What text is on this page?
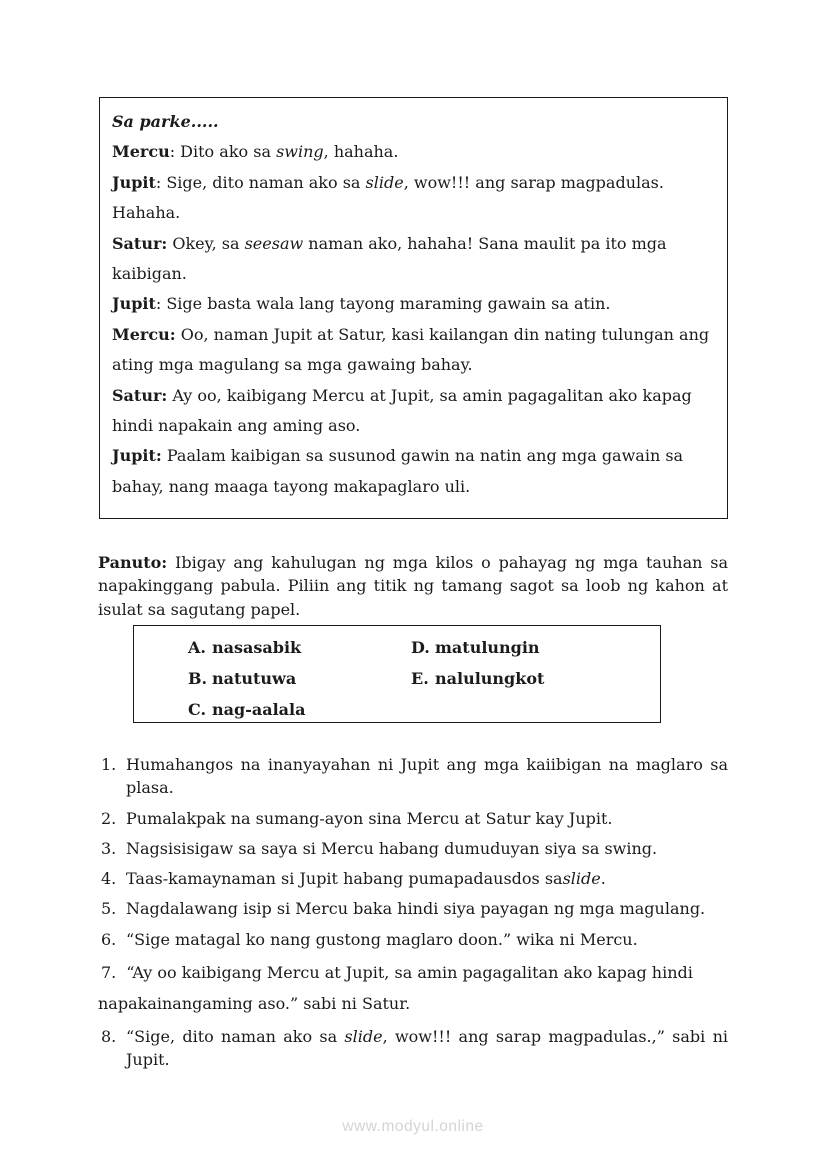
Sa parke.....

Mercu: Dito ako sa swing, hahaha.

Jupit: Sige, dito naman ako sa slide, wow!!! ang sarap magpadulas. Hahaha.

Satur: Okey, sa seesaw naman ako, hahaha! Sana maulit pa ito mga kaibigan.

Jupit: Sige basta wala lang tayong maraming gawain sa atin.

Mercu: Oo, naman Jupit at Satur, kasi kailangan din nating tulungan ang ating mga magulang sa mga gawaing bahay.

Satur: Ay oo, kaibigang Mercu at Jupit, sa amin pagagalitan ako kapag hindi napakain ang aming aso.

Jupit: Paalam kaibigan sa susunod gawin na natin ang mga gawain sa bahay, nang maaga tayong makapaglaro uli.

Panuto: Ibigay ang kahulugan ng mga kilos o pahayag ng mga tauhan sa napakinggang pabula. Piliin ang titik ng tamang sagot sa loob ng kahon at isulat sa sagutang papel.
A. nasasabik
B. natutuwa
C. nag-aalala
D. matulungin
E. nalulungkot
1. Humahangos na inanyayahan ni Jupit ang mga kaiibigan na maglaro sa plasa.
2. Pumalakpak na sumang-ayon sina Mercu at Satur kay Jupit.
3. Nagsisisigaw sa saya si Mercu habang dumuduyan siya sa swing.
4. Taas-kamaynaman si Jupit habang pumapadausdos saslide.
5. Nagdalawang isip si Mercu baka hindi siya payagan ng mga magulang.
6. “Sige matagal ko nang gustong maglaro doon.” wika ni Mercu.
7. “Ay oo kaibigang Mercu at Jupit, sa amin pagagalitan ako kapag hindi napakainangaming aso.” sabi ni Satur.
8. “Sige, dito naman ako sa slide, wow!!! ang sarap magpadulas.,” sabi ni Jupit.
www.modyul.online
